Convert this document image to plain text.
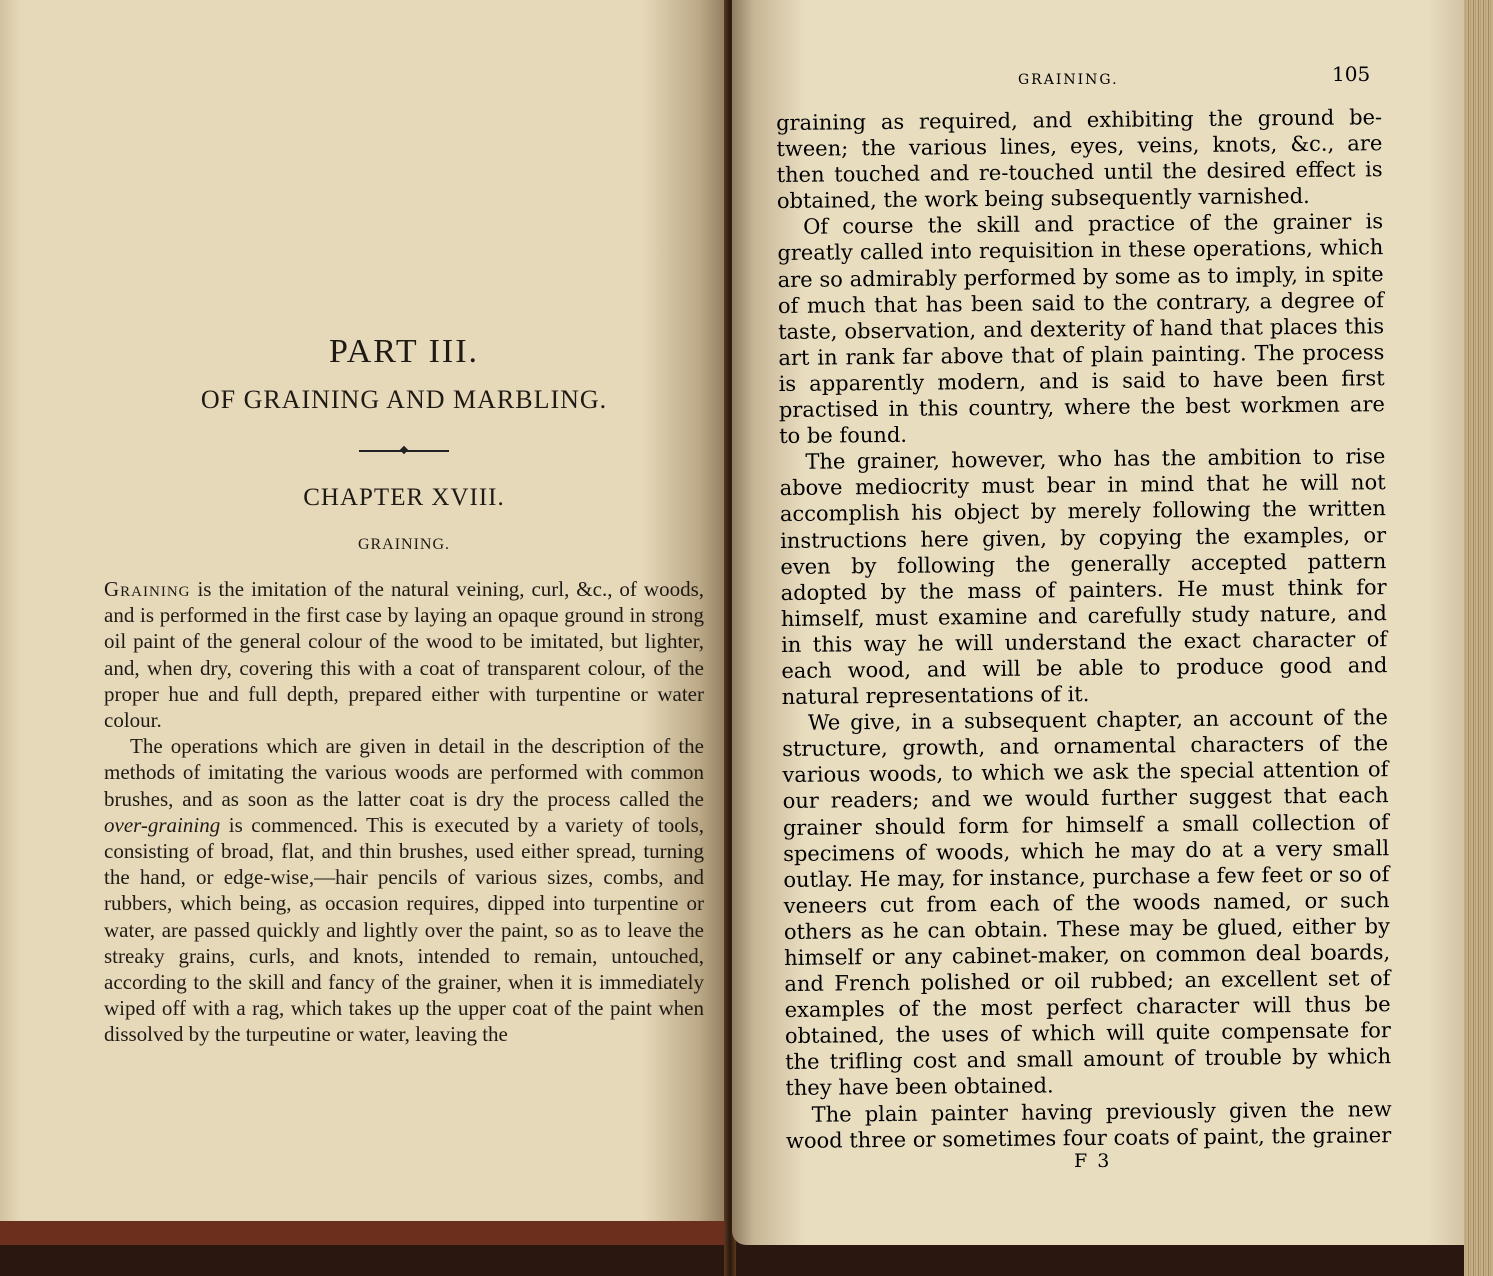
PART III.
OF GRAINING AND MARBLING.
CHAPTER XVIII.
GRAINING.

Graining is the imitation of the natural veining, curl, &c., of woods, and is performed in the first case by laying an opaque ground in strong oil paint of the general colour of the wood to be imitated, but lighter, and, when dry, covering this with a coat of transparent colour, of the proper hue and full depth, prepared either with turpentine or water colour.

The operations which are given in detail in the description of the methods of imitating the various woods are performed with common brushes, and as soon as the latter coat is dry the process called the over-graining is commenced. This is executed by a variety of tools, consisting of broad, flat, and thin brushes, used either spread, turning the hand, or edge-wise,—hair pencils of various sizes, combs, and rubbers, which being, as occasion requires, dipped into turpentine or water, are passed quickly and lightly over the paint, so as to leave the streaky grains, curls, and knots, intended to remain, untouched, according to the skill and fancy of the grainer, when it is immediately wiped off with a rag, which takes up the upper coat of the paint when dissolved by the turpeutine or water, leaving the

GRAINING.	105

graining as required, and exhibiting the ground be-tween; the various lines, eyes, veins, knots, &c., are then touched and re-touched until the desired effect is obtained, the work being subsequently varnished.

Of course the skill and practice of the grainer is greatly called into requisition in these operations, which are so admirably performed by some as to imply, in spite of much that has been said to the contrary, a degree of taste, observation, and dexterity of hand that places this art in rank far above that of plain painting. The process is apparently modern, and is said to have been first practised in this country, where the best workmen are to be found.

The grainer, however, who has the ambition to rise above mediocrity must bear in mind that he will not accomplish his object by merely following the written instructions here given, by copying the examples, or even by following the generally accepted pattern adopted by the mass of painters. He must think for himself, must examine and carefully study nature, and in this way he will understand the exact character of each wood, and will be able to produce good and natural representations of it.

We give, in a subsequent chapter, an account of the structure, growth, and ornamental characters of the various woods, to which we ask the special attention of our readers; and we would further suggest that each grainer should form for himself a small collection of specimens of woods, which he may do at a very small outlay. He may, for instance, purchase a few feet or so of veneers cut from each of the woods named, or such others as he can obtain. These may be glued, either by himself or any cabinet-maker, on common deal boards, and French polished or oil rubbed; an excellent set of examples of the most perfect character will thus be obtained, the uses of which will quite compensate for the trifling cost and small amount of trouble by which they have been obtained.

The plain painter having previously given the new wood three or sometimes four coats of paint, the grainer

F 3
